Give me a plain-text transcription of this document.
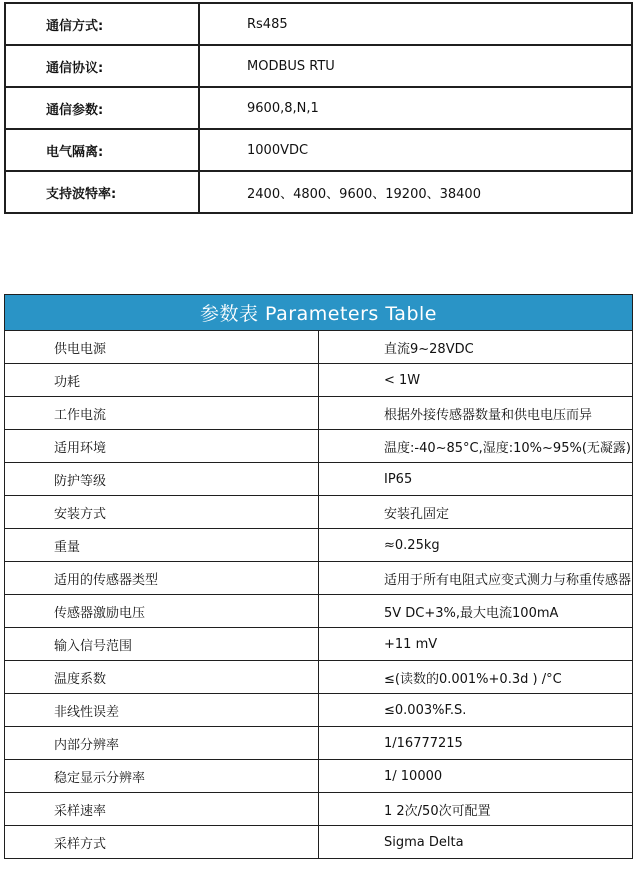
通信方式:	Rs485
通信协议:	MODBUS RTU
通信参数:	9600,8,N,1
电气隔离:	1000VDC
支持波特率:	2400、4800、9600、19200、38400
参数表 Parameters Table	
供电电源	直流9~28VDC
功耗	< 1W
工作电流	根据外接传感器数量和供电电压而异
适用环境	温度:-40~85°C,湿度:10%~95%(无凝露)
防护等级	IP65
安装方式	安装孔固定
重量	≈0.25kg
适用的传感器类型	适用于所有电阻式应变式测力与称重传感器
传感器激励电压	5V DC+3%,最大电流100mA
输入信号范围	+11 mV
温度系数	≤(读数的0.001%+0.3d ) /°C
非线性误差	≤0.003%F.S.
内部分辨率	1/16777215
稳定显示分辨率	1/ 10000
采样速率	1 2次/50次可配置
采样方式	Sigma Delta
